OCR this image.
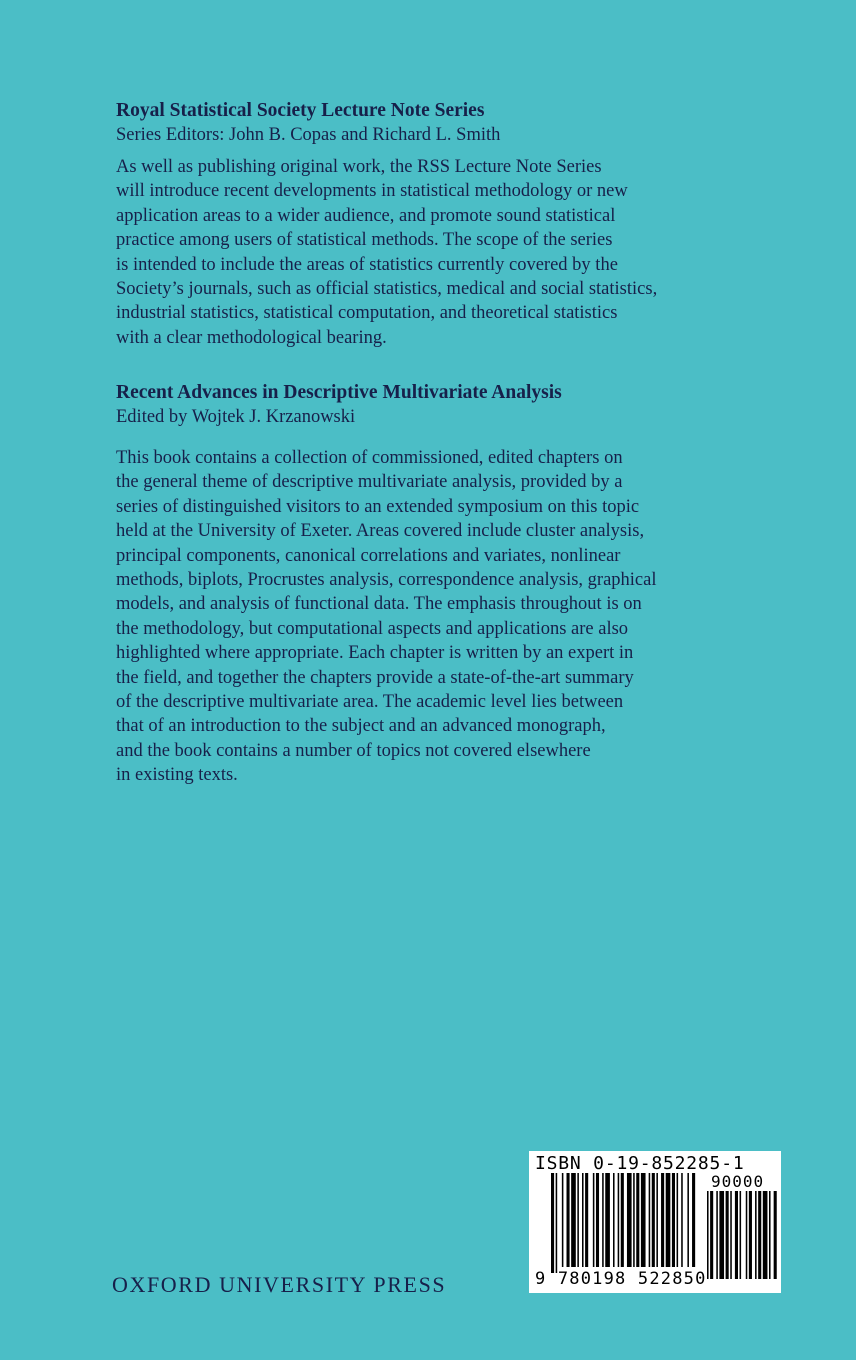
Royal Statistical Society Lecture Note Series

Series Editors: John B. Copas and Richard L. Smith

As well as publishing original work, the RSS Lecture Note Series
will introduce recent developments in statistical methodology or new
application areas to a wider audience, and promote sound statistical
practice among users of statistical methods. The scope of the series
is intended to include the areas of statistics currently covered by the
Society’s journals, such as official statistics, medical and social statistics,
industrial statistics, statistical computation, and theoretical statistics
with a clear methodological bearing.

Recent Advances in Descriptive Multivariate Analysis

Edited by Wojtek J. Krzanowski

This book contains a collection of commissioned, edited chapters on
the general theme of descriptive multivariate analysis, provided by a
series of distinguished visitors to an extended symposium on this topic
held at the University of Exeter. Areas covered include cluster analysis,
principal components, canonical correlations and variates, nonlinear
methods, biplots, Procrustes analysis, correspondence analysis, graphical
models, and analysis of functional data. The emphasis throughout is on
the methodology, but computational aspects and applications are also
highlighted where appropriate. Each chapter is written by an expert in
the field, and together the chapters provide a state-of-the-art summary
of the descriptive multivariate area. The academic level lies between
that of an introduction to the subject and an advanced monograph,
and the book contains a number of topics not covered elsewhere
in existing texts.

OXFORD UNIVERSITY PRESS

ISBN 0-19-852285-1
90000
9 780198 522850
